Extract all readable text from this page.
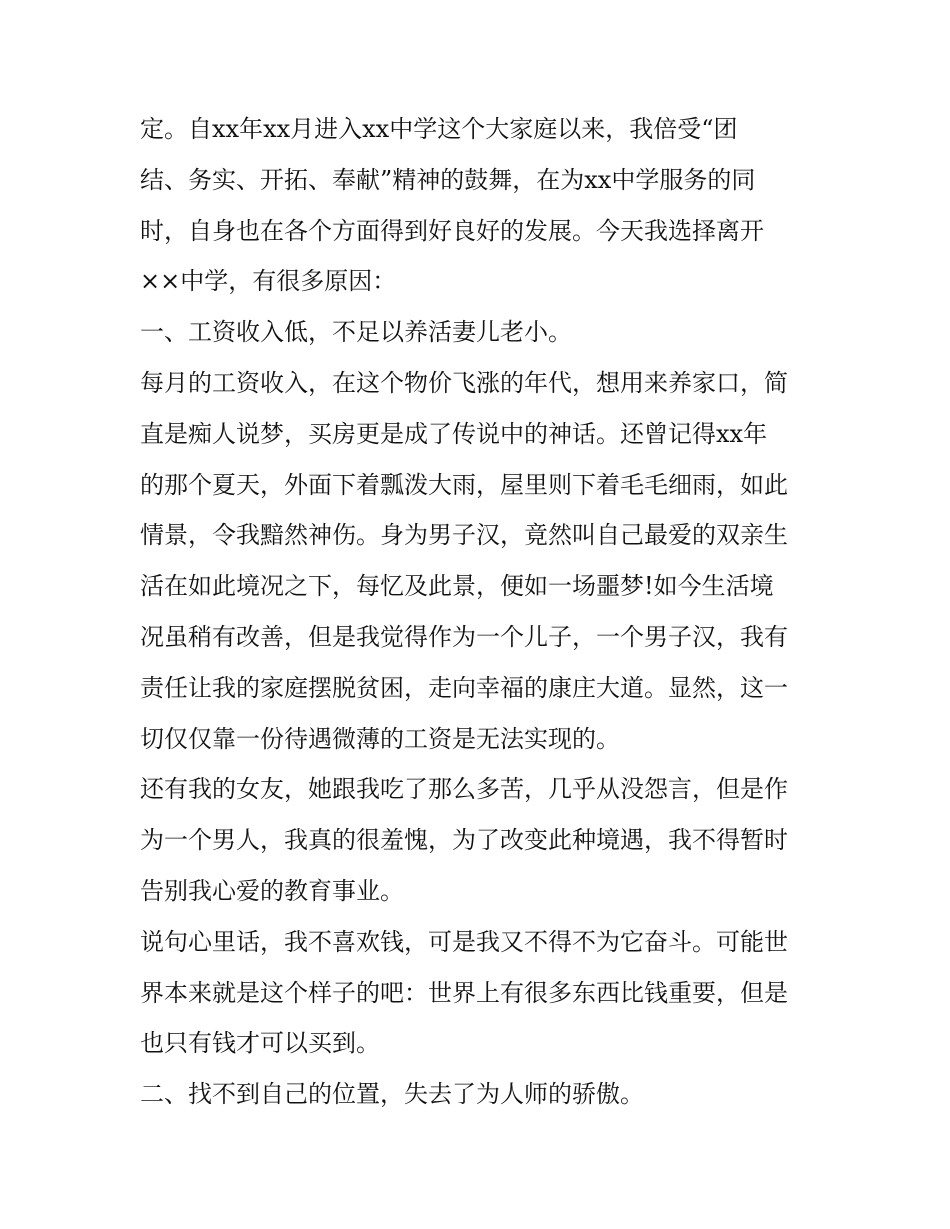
定。自xx年xx月进入xx中学这个大家庭以来，我倍受“团
结、务实、开拓、奉献”精神的鼓舞，在为xx中学服务的同
时，自身也在各个方面得到好良好的发展。今天我选择离开
××中学，有很多原因：
一、工资收入低，不足以养活妻儿老小。
每月的工资收入，在这个物价飞涨的年代，想用来养家口，简
直是痴人说梦，买房更是成了传说中的神话。还曾记得xx年
的那个夏天，外面下着瓢泼大雨，屋里则下着毛毛细雨，如此
情景，令我黯然神伤。身为男子汉，竟然叫自己最爱的双亲生
活在如此境况之下，每忆及此景，便如一场噩梦!如今生活境
况虽稍有改善，但是我觉得作为一个儿子，一个男子汉，我有
责任让我的家庭摆脱贫困，走向幸福的康庄大道。显然，这一
切仅仅靠一份待遇微薄的工资是无法实现的。
还有我的女友，她跟我吃了那么多苦，几乎从没怨言，但是作
为一个男人，我真的很羞愧，为了改变此种境遇，我不得暂时
告别我心爱的教育事业。
说句心里话，我不喜欢钱，可是我又不得不为它奋斗。可能世
界本来就是这个样子的吧：世界上有很多东西比钱重要，但是
也只有钱才可以买到。
二、找不到自己的位置，失去了为人师的骄傲。
